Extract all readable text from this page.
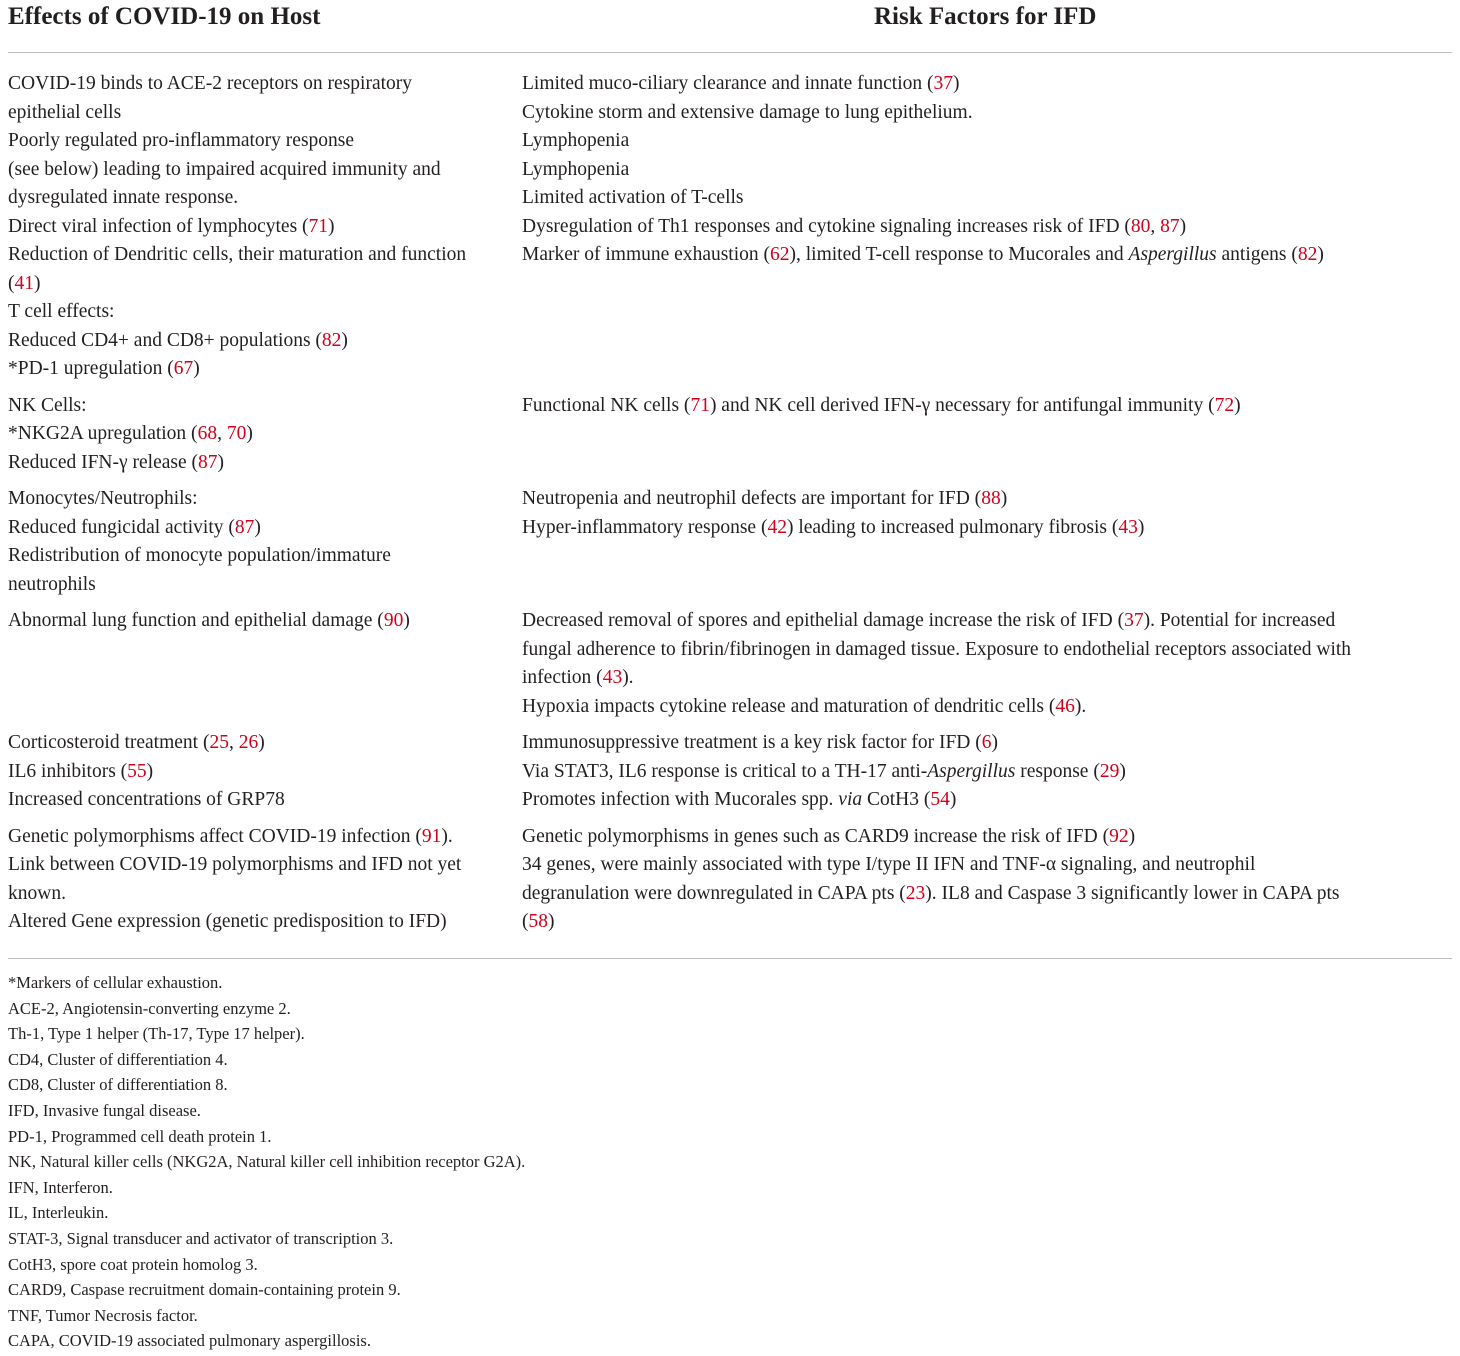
Effects of COVID-19 on Host	Risk Factors for IFD
COVID-19 binds to ACE-2 receptors on respiratory
epithelial cells
Poorly regulated pro-inflammatory response
(see below) leading to impaired acquired immunity and
dysregulated innate response.
Direct viral infection of lymphocytes (71)
Reduction of Dendritic cells, their maturation and function
(41)
T cell effects:
Reduced CD4+ and CD8+ populations (82)
*PD-1 upregulation (67)
Limited muco-ciliary clearance and innate function (37)
Cytokine storm and extensive damage to lung epithelium.
Lymphopenia
Lymphopenia
Limited activation of T-cells
Dysregulation of Th1 responses and cytokine signaling increases risk of IFD (80, 87)
Marker of immune exhaustion (62), limited T-cell response to Mucorales and Aspergillus antigens (82)
NK Cells:
*NKG2A upregulation (68, 70)
Reduced IFN-γ release (87)
Functional NK cells (71) and NK cell derived IFN-γ necessary for antifungal immunity (72)
Monocytes/Neutrophils:
Reduced fungicidal activity (87)
Redistribution of monocyte population/immature
neutrophils
Neutropenia and neutrophil defects are important for IFD (88)
Hyper-inflammatory response (42) leading to increased pulmonary fibrosis (43)
Abnormal lung function and epithelial damage (90)	Decreased removal of spores and epithelial damage increase the risk of IFD (37). Potential for increased
fungal adherence to fibrin/fibrinogen in damaged tissue. Exposure to endothelial receptors associated with
infection (43).
Hypoxia impacts cytokine release and maturation of dendritic cells (46).
Corticosteroid treatment (25, 26)
IL6 inhibitors (55)
Increased concentrations of GRP78
Immunosuppressive treatment is a key risk factor for IFD (6)
Via STAT3, IL6 response is critical to a TH-17 anti-Aspergillus response (29)
Promotes infection with Mucorales spp. via CotH3 (54)
Genetic polymorphisms affect COVID-19 infection (91).
Link between COVID-19 polymorphisms and IFD not yet
known.
Altered Gene expression (genetic predisposition to IFD)
Genetic polymorphisms in genes such as CARD9 increase the risk of IFD (92)
34 genes, were mainly associated with type I/type II IFN and TNF-α signaling, and neutrophil
degranulation were downregulated in CAPA pts (23). IL8 and Caspase 3 significantly lower in CAPA pts
(58)
*Markers of cellular exhaustion.
ACE-2, Angiotensin-converting enzyme 2.
Th-1, Type 1 helper (Th-17, Type 17 helper).
CD4, Cluster of differentiation 4.
CD8, Cluster of differentiation 8.
IFD, Invasive fungal disease.
PD-1, Programmed cell death protein 1.
NK, Natural killer cells (NKG2A, Natural killer cell inhibition receptor G2A).
IFN, Interferon.
IL, Interleukin.
STAT-3, Signal transducer and activator of transcription 3.
CotH3, spore coat protein homolog 3.
CARD9, Caspase recruitment domain-containing protein 9.
TNF, Tumor Necrosis factor.
CAPA, COVID-19 associated pulmonary aspergillosis.
